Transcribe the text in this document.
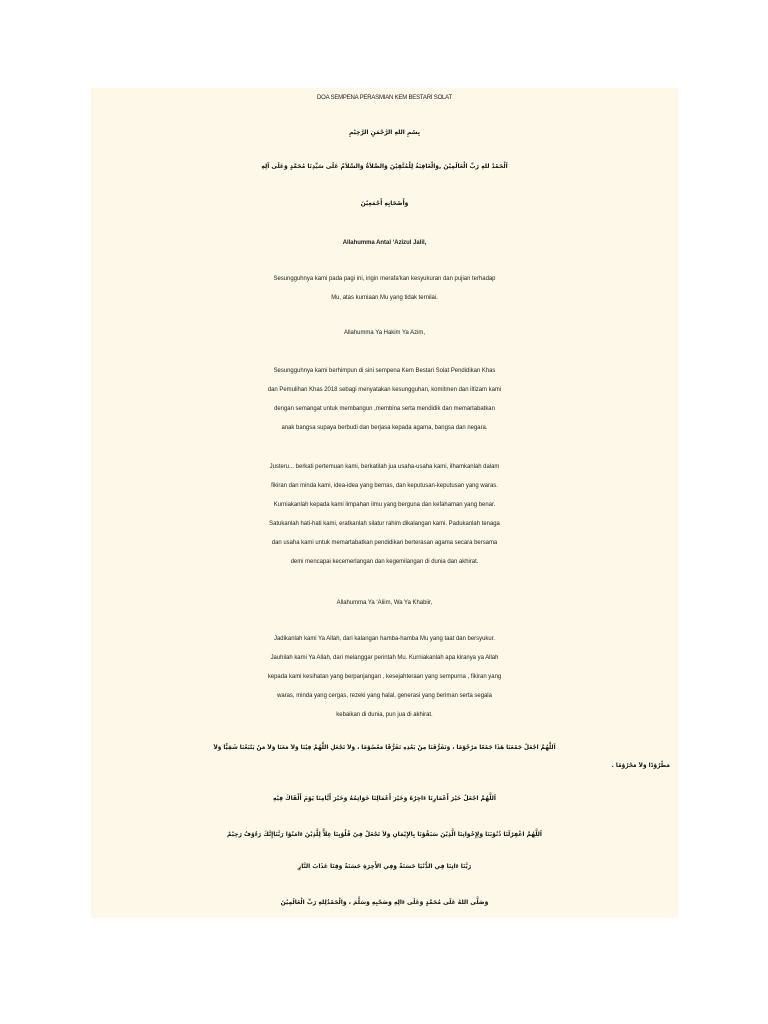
DOA SEMPENA PERASMIAN KEM BESTARI SOLAT
بِسْمِ اللهِ الرَّحْمَنِ الرَّحِيْمِ
اَلْحَمْدُ للهِ رَبِّ الْعَالَمِيْنَ ,وَالْعَاقِبَةُ لِلْمُتَّقِيْنَ وَالصَّلاَةُ وَالسَّلاَمُ عَلَى سَيِّدِنَا مُحَمَّدٍ وَعَلَى آلِهِ
وَأَصْحَابِهِ أَجْمَعِيْنَ
Allahumma Antal ‘Azizul Jalil,
Sesungguhnya kami pada pagi ini, ingin merafa'kan kesyukuran dan pujian terhadap
Mu, atas kurniaan Mu yang tidak ternilai.
Allahumma Ya Hakim Ya Azim,
Sesungguhnya kami berhimpun di sini sempena Kem Bestari Solat Pendidikan Khas
dan Pemulihan Khas 2018 sebagi menyatakan kesungguhan, komitmen dan iltizam kami
dengan semangat untuk membangun ,membina serta mendidik dan memartabatkan
anak bangsa supaya berbudi dan berjasa kepada agama, bangsa dan negara.
Justeru... berkati pertemuan kami, berkatilah jua usaha-usaha kami, ilhamkanlah dalam
fikiran dan minda kami, idea-idea yang bernas, dan keputusan-keputusan yang waras.
Kurniakanlah kepada kami limpahan ilmu yang berguna dan kefahaman yang benar.
Satukanlah hati-hati kami, eratkanlah silatur rahim dikalangan kami. Padukanlah tenaga
dan usaha kami untuk memartabatkan pendidikan berterasan agama secara bersama
demi mencapai kecemerlangan dan kegemilangan di dunia dan akhirat.
Allahumma Ya ‘Aliim, Wa Ya Khabiir,
Jadikanlah kami Ya Allah, dari kalangan hamba-hamba Mu yang taat dan bersyukur.
Jauhilah kami Ya Allah, dari melanggar perintah Mu. Kurniakanlah apa kiranya ya Allah
kepada kami kesihatan yang berpanjangan , kesejahteraan yang sempurna , fikiran yang
waras, minda yang cergas, rezeki yang halal, generasi yang beriman serta segala
kebaikan di dunia, pun jua di akhirat.
اَللَّهُمَّ اجْعَلْ جَمْعَنَا هَذَا جَمْعًا مَرْحُوْمًا ، وَتَفَرُّقَنَا مِنْ بَعْدِهِ تَفَرُّقًا مَعْصُوْمًا ، وَلاَ تَجْعَلِ اللَّهُمَّ فِيْنَا وَلاَ مَعَنَا وَلاَ مَنْ يَتْبَعُنَا شَقِيًّا وَلاَ
مَطْرُوْدًا وَلاَ مَحْرُوْمًا .
اَللَّهُمَّ اجْعَلْ خَيْرَ أَعْمَارِنَا ءَاخِرُهُ وَخَيْرَ أَعْمَالِنَا خَوَاتِمُهُ وَخَيْرَ أَيَّامِنَا يَوْمَ أَلْقَاكَ فِيْهِ
اَللَّهُمَّ اغْفِرْلَنَا ذُنُوْبَنَا وَلِإِخْوَانِنَا الَّذِيْنَ سَبَقُوْنَا بِالإِيْمَانِ وَلاَ تَجْعَلْ فِيْ قُلُوْبِنَا غِلاًّ لِلَّذِيْنَ ءَامَنُوْا رَبَّنَاإِنَّكَ رَءُوْفٌ رَحِيْمٌ
رَبَّنَا ءَاتِنَا فِي الدُّنْيَا حَسَنَةً وَفِي الأَخِرَةِ حَسَنَةً وَقِنَا عَذَابَ النَّارِ
وَصَلَّى اللهُ عَلَى مُحَمَّدٍ وَعَلَى ءَالِهِ وَصَحْبِهِ وَسَلَّمَ ، وَالْحَمْدُلِلهِ رَبِّ الْعَالَمِيْنَ
